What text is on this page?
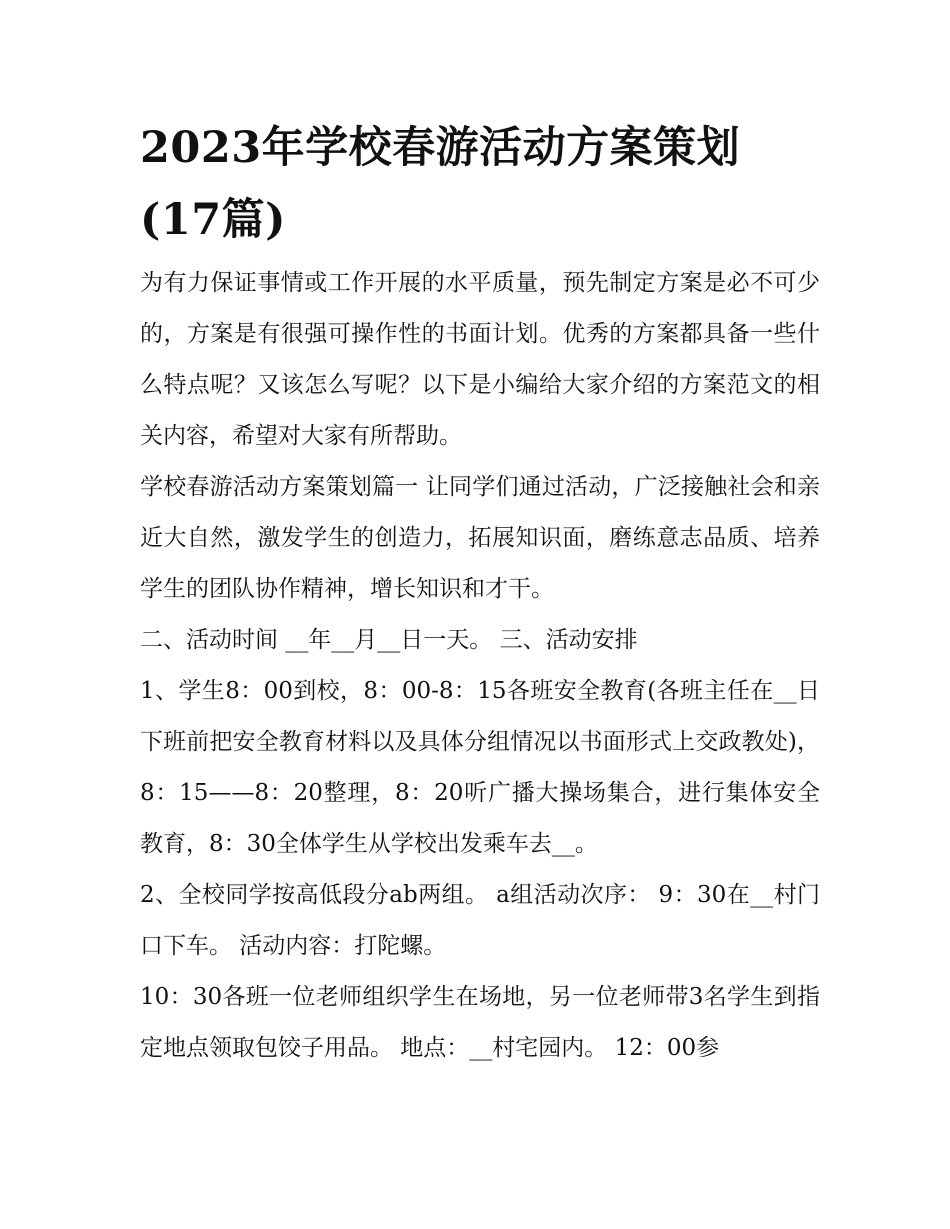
2023年学校春游活动方案策划
(17篇)

为有力保证事情或工作开展的水平质量，预先制定方案是必不可少的，方案是有很强可操作性的书面计划。优秀的方案都具备一些什么特点呢？又该怎么写呢？以下是小编给大家介绍的方案范文的相关内容，希望对大家有所帮助。

学校春游活动方案策划篇一 让同学们通过活动，广泛接触社会和亲近大自然，激发学生的创造力，拓展知识面，磨练意志品质、培养学生的团队协作精神，增长知识和才干。

二、活动时间 __年__月__日一天。 三、活动安排

1、学生8：00到校，8：00-8：15各班安全教育(各班主任在__日下班前把安全教育材料以及具体分组情况以书面形式上交政教处)，8：15——8：20整理，8：20听广播大操场集合，进行集体安全教育，8：30全体学生从学校出发乘车去__。

2、全校同学按高低段分ab两组。 a组活动次序： 9：30在__村门口下车。 活动内容：打陀螺。

10：30各班一位老师组织学生在场地，另一位老师带3名学生到指定地点领取包饺子用品。 地点：__村宅园内。 12：00参
